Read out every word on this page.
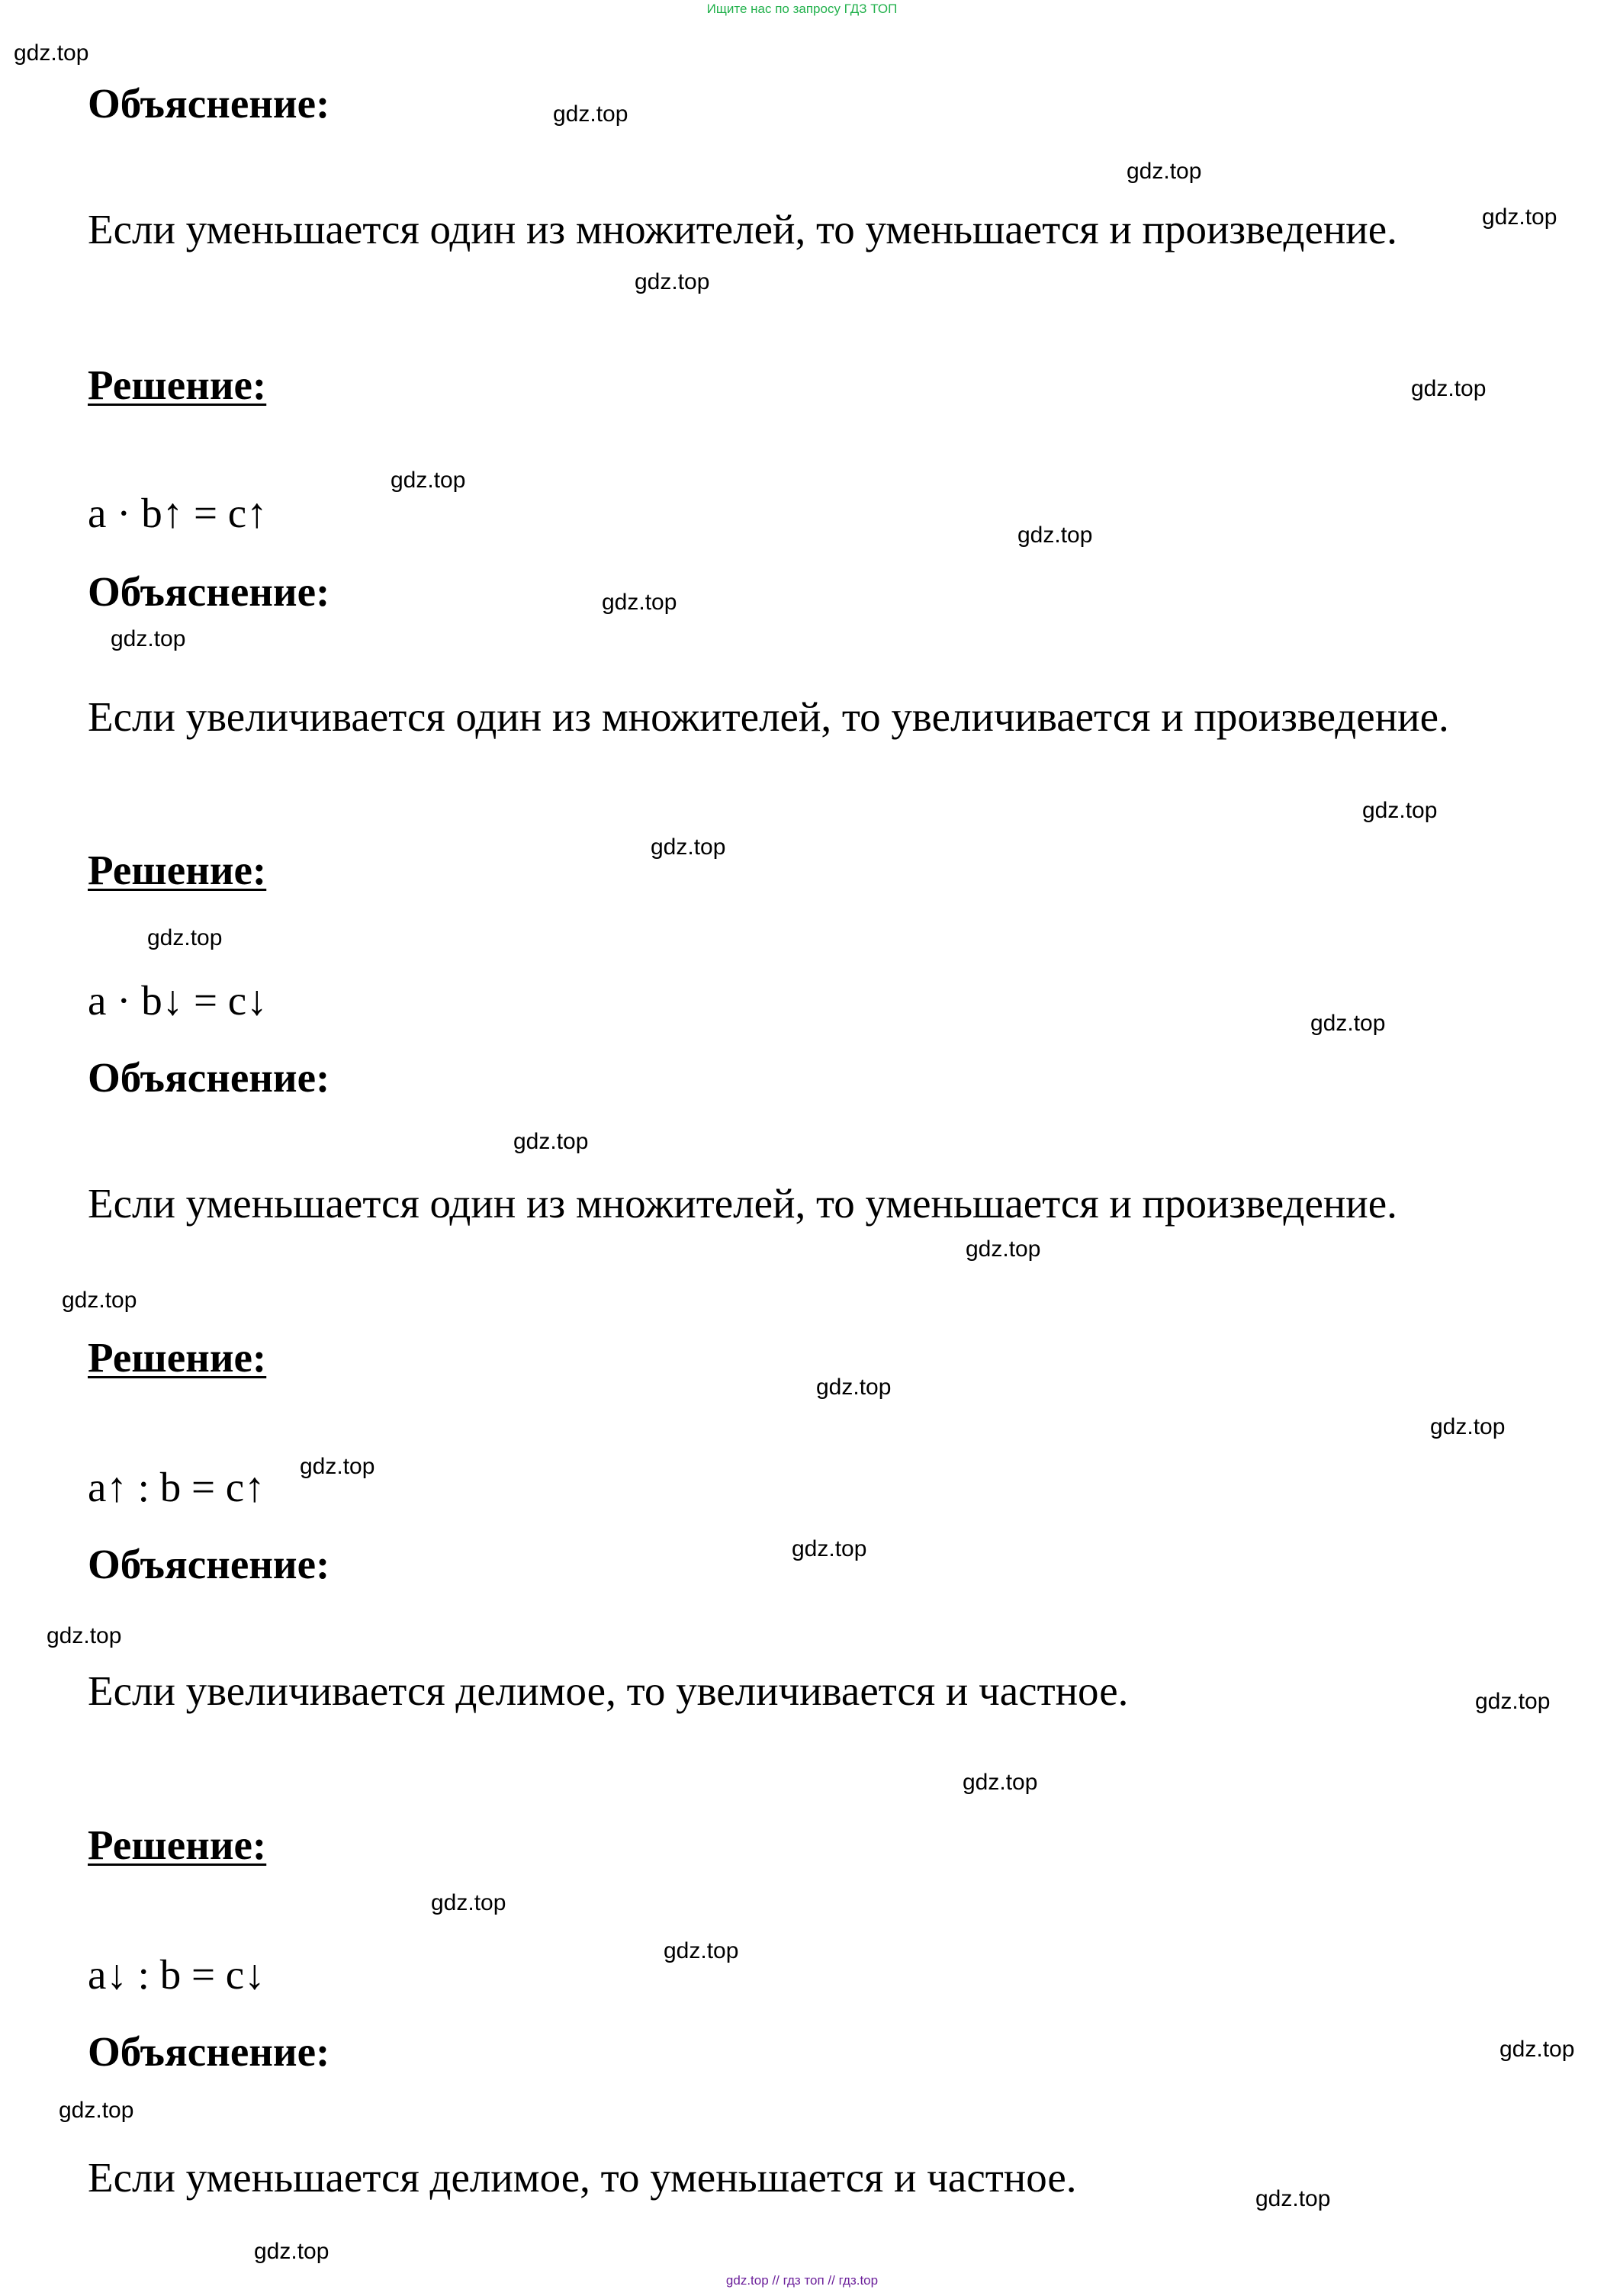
Ищите нас по запросу ГДЗ ТОП
Объяснение:
Если уменьшается один из множителей, то уменьшается и произведение.
Решение:
a · b↑ = c↑
Объяснение:
Если увеличивается один из множителей, то увеличивается и произведение.
Решение:
a · b↓ = c↓
Объяснение:
Если уменьшается один из множителей, то уменьшается и произведение.
Решение:
a↑ : b = c↑
Объяснение:
Если увеличивается делимое, то увеличивается и частное.
Решение:
a↓ : b = c↓
Объяснение:
Если уменьшается делимое, то уменьшается и частное.
gdz.top
gdz.top
gdz.top
gdz.top
gdz.top
gdz.top
gdz.top
gdz.top
gdz.top
gdz.top
gdz.top
gdz.top
gdz.top
gdz.top
gdz.top
gdz.top
gdz.top
gdz.top
gdz.top
gdz.top
gdz.top
gdz.top
gdz.top
gdz.top
gdz.top
gdz.top
gdz.top
gdz.top
gdz.top
gdz.top
gdz.top // гдз топ // гдз.top
